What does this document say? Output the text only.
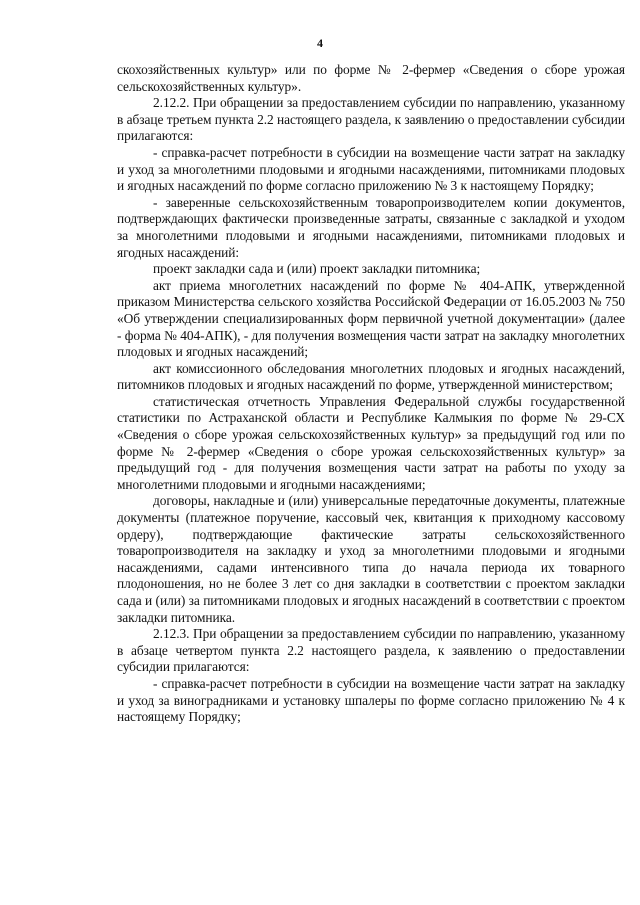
4

скохозяйственных культур» или по форме № 2-фермер «Сведения о сборе урожая сельскохозяйственных культур».

2.12.2. При обращении за предоставлением субсидии по направлению, указанному в абзаце третьем пункта 2.2 настоящего раздела, к заявлению о предоставлении субсидии прилагаются:

- справка-расчет потребности в субсидии на возмещение части затрат на закладку и уход за многолетними плодовыми и ягодными насаждениями, питомниками плодовых и ягодных насаждений по форме согласно приложению № 3 к настоящему Порядку;

- заверенные сельскохозяйственным товаропроизводителем копии документов, подтверждающих фактически произведенные затраты, связанные с закладкой и уходом за многолетними плодовыми и ягодными насаждениями, питомниками плодовых и ягодных насаждений:

проект закладки сада и (или) проект закладки питомника;

акт приема многолетних насаждений по форме № 404-АПК, утвержденной приказом Министерства сельского хозяйства Российской Федерации от 16.05.2003 № 750 «Об утверждении специализированных форм первичной учетной документации» (далее - форма № 404-АПК), - для получения возмещения части затрат на закладку многолетних плодовых и ягодных насаждений;

акт комиссионного обследования многолетних плодовых и ягодных насаждений, питомников плодовых и ягодных насаждений по форме, утвержденной министерством;

статистическая отчетность Управления Федеральной службы государственной статистики по Астраханской области и Республике Калмыкия по форме № 29-СХ «Сведения о сборе урожая сельскохозяйственных культур» за предыдущий год или по форме № 2-фермер «Сведения о сборе урожая сельскохозяйственных культур» за предыдущий год - для получения возмещения части затрат на работы по уходу за многолетними плодовыми и ягодными насаждениями;

договоры, накладные и (или) универсальные передаточные документы, платежные документы (платежное поручение, кассовый чек, квитанция к приходному кассовому ордеру), подтверждающие фактические затраты сельскохозяйственного товаропроизводителя на закладку и уход за многолетними плодовыми и ягодными насаждениями, садами интенсивного типа до начала периода их товарного плодоношения, но не более 3 лет со дня закладки в соответствии с проектом закладки сада и (или) за питомниками плодовых и ягодных насаждений в соответствии с проектом закладки питомника.

2.12.3. При обращении за предоставлением субсидии по направлению, указанному в абзаце четвертом пункта 2.2 настоящего раздела, к заявлению о предоставлении субсидии прилагаются:

- справка-расчет потребности в субсидии на возмещение части затрат на закладку и уход за виноградниками и установку шпалеры по форме согласно приложению № 4 к настоящему Порядку;
